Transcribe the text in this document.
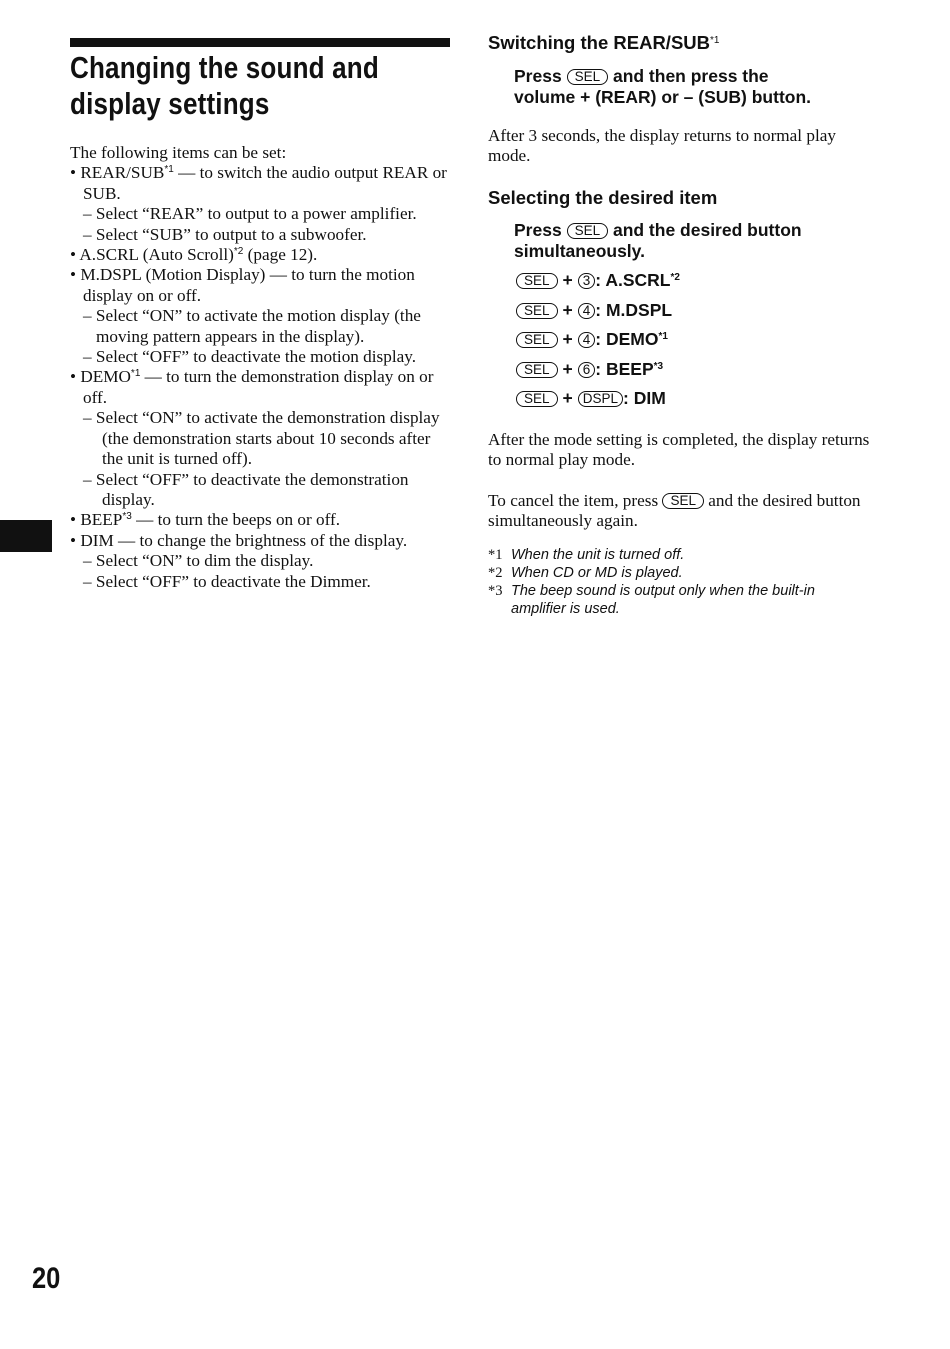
Changing the sound and
display settings

The following items can be set:

• REAR/SUB$^{*1}$ — to switch the audio output REAR or SUB.

– Select “REAR” to output to a power amplifier.

– Select “SUB” to output to a subwoofer.

• A.SCRL (Auto Scroll)$^{*2}$ (page 12).

• M.DSPL (Motion Display) — to turn the motion display on or off.

– Select “ON” to activate the motion display (the moving pattern appears in the display).

– Select “OFF” to deactivate the motion display.

• DEMO$^{*1}$ — to turn the demonstration display on or off.

– Select “ON” to activate the demonstration display (the demonstration starts about 10 seconds after the unit is turned off).

– Select “OFF” to deactivate the demonstration display.

• BEEP$^{*3}$ — to turn the beeps on or off.

• DIM — to change the brightness of the display.

– Select “ON” to dim the display.

– Select “OFF” to deactivate the Dimmer.

Switching the REAR/SUB$^{*1}$
Press SEL and then press the
volume + (REAR) or – (SUB) button.

After 3 seconds, the display returns to normal play mode.

Selecting the desired item
Press SEL and the desired button
simultaneously.
SEL + 3 : A.SCRL$^{*2}$
SEL + 4 : M.DSPL
SEL + 4 : DEMO$^{*1}$
SEL + 6 : BEEP$^{*3}$
SEL + DSPL : DIM

After the mode setting is completed, the display returns to normal play mode.

To cancel the item, press SEL and the desired button simultaneously again.

*1 When the unit is turned off.
*2 When CD or MD is played.
*3 The beep sound is output only when the built-in
amplifier is used.
20
